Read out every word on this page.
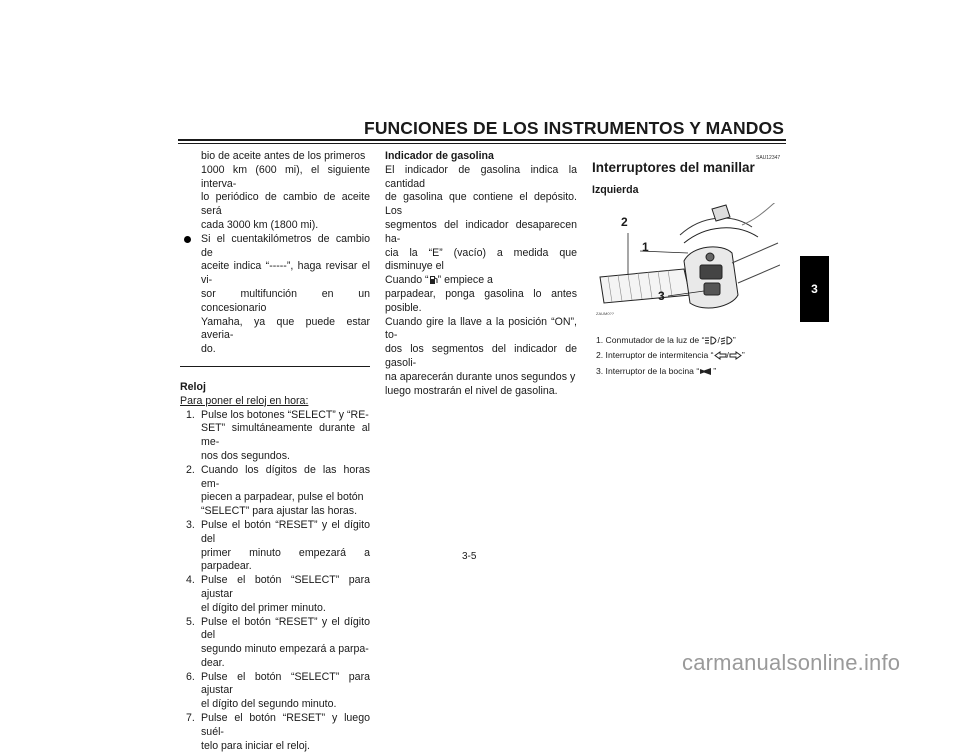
FUNCIONES DE LOS INSTRUMENTOS Y MANDOS
3

bio de aceite antes de los primeros

1000 km (600 mi), el siguiente interva-

lo periódico de cambio de aceite será

cada 3000 km (1800 mi).

Si el cuentakilómetros de cambio de

aceite indica “-----”, haga revisar el vi-

sor multifunción en un concesionario

Yamaha, ya que puede estar averia-

do.

Reloj

Para poner el reloj en hora:

1. Pulse los botones “SELECT” y “RE-

SET” simultáneamente durante al me-

nos dos segundos.

2. Cuando los dígitos de las horas em-

piecen a parpadear, pulse el botón

“SELECT” para ajustar las horas.

3. Pulse el botón “RESET” y el dígito del

primer minuto empezará a parpadear.

4. Pulse el botón “SELECT” para ajustar

el dígito del primer minuto.

5. Pulse el botón “RESET” y el dígito del

segundo minuto empezará a parpa-

dear.

6. Pulse el botón “SELECT” para ajustar

el dígito del segundo minuto.

7. Pulse el botón “RESET” y luego suél-

telo para iniciar el reloj.

Indicador de gasolina

El indicador de gasolina indica la cantidad

de gasolina que contiene el depósito. Los

segmentos del indicador desaparecen ha-

cia la “E” (vacío) a medida que disminuye el

Cuando “ ” empiece a

parpadear, ponga gasolina lo antes posible.

Cuando gire la llave a la posición “ON”, to-

dos los segmentos del indicador de gasoli-

na aparecerán durante unos segundos y

luego mostrarán el nivel de gasolina.

SAU12347
Interruptores del manillar
Izquierda
ZAUM0??
2
1
3
1. Conmutador de la luz de “ / ”
2. Interruptor de intermitencia “ / ”
3. Interruptor de la bocina “ ”
3-5
carmanualsonline.info
